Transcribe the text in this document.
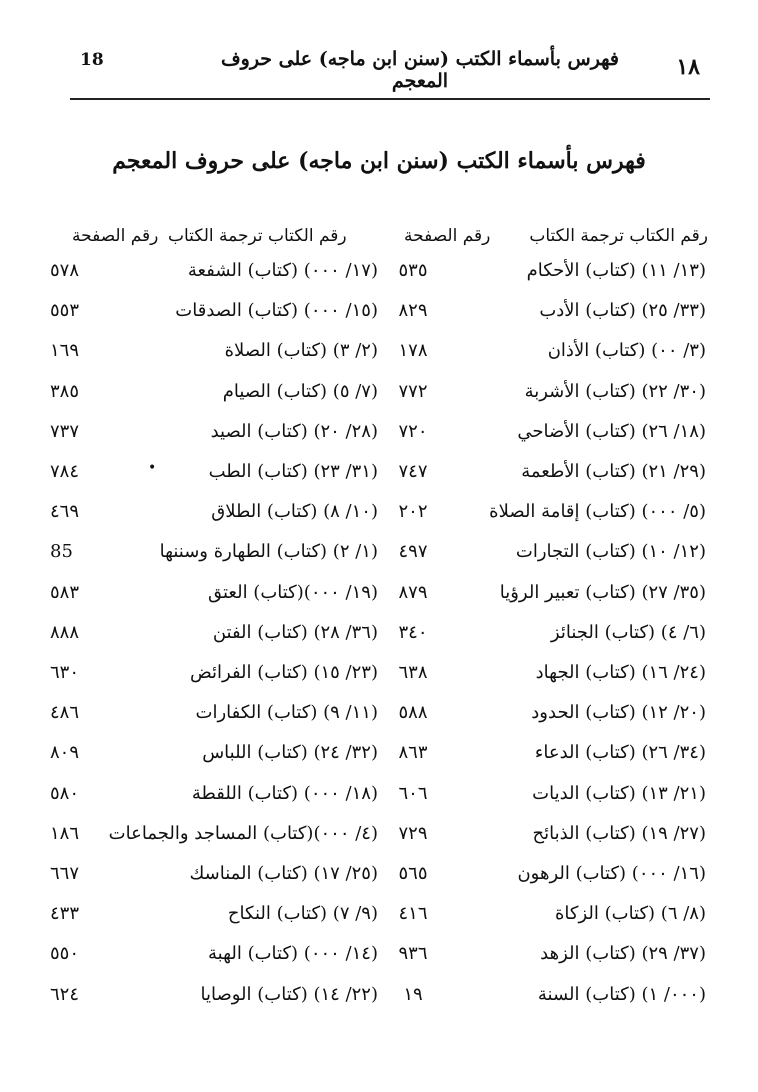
18	فهرس بأسماء الكتب (سنن ابن ماجه) على حروف المعجم
١٨
فهرس بأسماء الكتب (سنن ابن ماجه) على حروف المعجم
رقم الكتاب ترجمة الكتاب
رقم الصفحة
رقم الكتاب ترجمة الكتاب
رقم الصفحة
(١٣/ ١١) (كتاب) الأحكام
٥٣٥
(١٧/ ٠٠٠) (كتاب) الشفعة
٥٧٨
(٣٣/ ٢٥) (كتاب) الأدب
٨٢٩
(١٥/ ٠٠٠) (كتاب) الصدقات
٥٥٣
(٣/ ٠٠) (كتاب) الأذان
١٧٨
(٢/ ٣) (كتاب) الصلاة
١٦٩
(٣٠/ ٢٢) (كتاب) الأشربة
٧٧٢
(٧/ ٥) (كتاب) الصيام
٣٨٥
(١٨/ ٢٦) (كتاب) الأضاحي
٧٢٠
(٢٨/ ٢٠) (كتاب) الصيد
٧٣٧
(٢٩/ ٢١) (كتاب) الأطعمة
٧٤٧
(٣١/ ٢٣) (كتاب) الطب
٧٨٤
(٥/ ٠٠٠) (كتاب) إقامة الصلاة
٢٠٢
(١٠/ ٨) (كتاب) الطلاق
٤٦٩
(١٢/ ١٠) (كتاب) التجارات
٤٩٧
(١/ ٢) (كتاب) الطهارة وسننها
85
(٣٥/ ٢٧) (كتاب) تعبير الرؤيا
٨٧٩
(١٩/ ٠٠٠)(كتاب) العتق
٥٨٣
(٦/ ٤) (كتاب) الجنائز
٣٤٠
(٣٦/ ٢٨) (كتاب) الفتن
٨٨٨
(٢٤/ ١٦) (كتاب) الجهاد
٦٣٨
(٢٣/ ١٥) (كتاب) الفرائض
٦٣٠
(٢٠/ ١٢) (كتاب) الحدود
٥٨٨
(١١/ ٩) (كتاب) الكفارات
٤٨٦
(٣٤/ ٢٦) (كتاب) الدعاء
٨٦٣
(٣٢/ ٢٤) (كتاب) اللباس
٨٠٩
(٢١/ ١٣) (كتاب) الديات
٦٠٦
(١٨/ ٠٠٠) (كتاب) اللقطة
٥٨٠
(٢٧/ ١٩) (كتاب) الذبائح
٧٢٩
(٤/ ٠٠٠)(كتاب) المساجد والجماعات
١٨٦
(١٦/ ٠٠٠) (كتاب) الرهون
٥٦٥
(٢٥/ ١٧) (كتاب) المناسك
٦٦٧
(٨/ ٦) (كتاب) الزكاة
٤١٦
(٩/ ٧) (كتاب) النكاح
٤٣٣
(٣٧/ ٢٩) (كتاب) الزهد
٩٣٦
(١٤/ ٠٠٠) (كتاب) الهبة
٥٥٠
(٠٠٠/ ١) (كتاب) السنة
١٩
(٢٢/ ١٤) (كتاب) الوصايا
٦٢٤
•
